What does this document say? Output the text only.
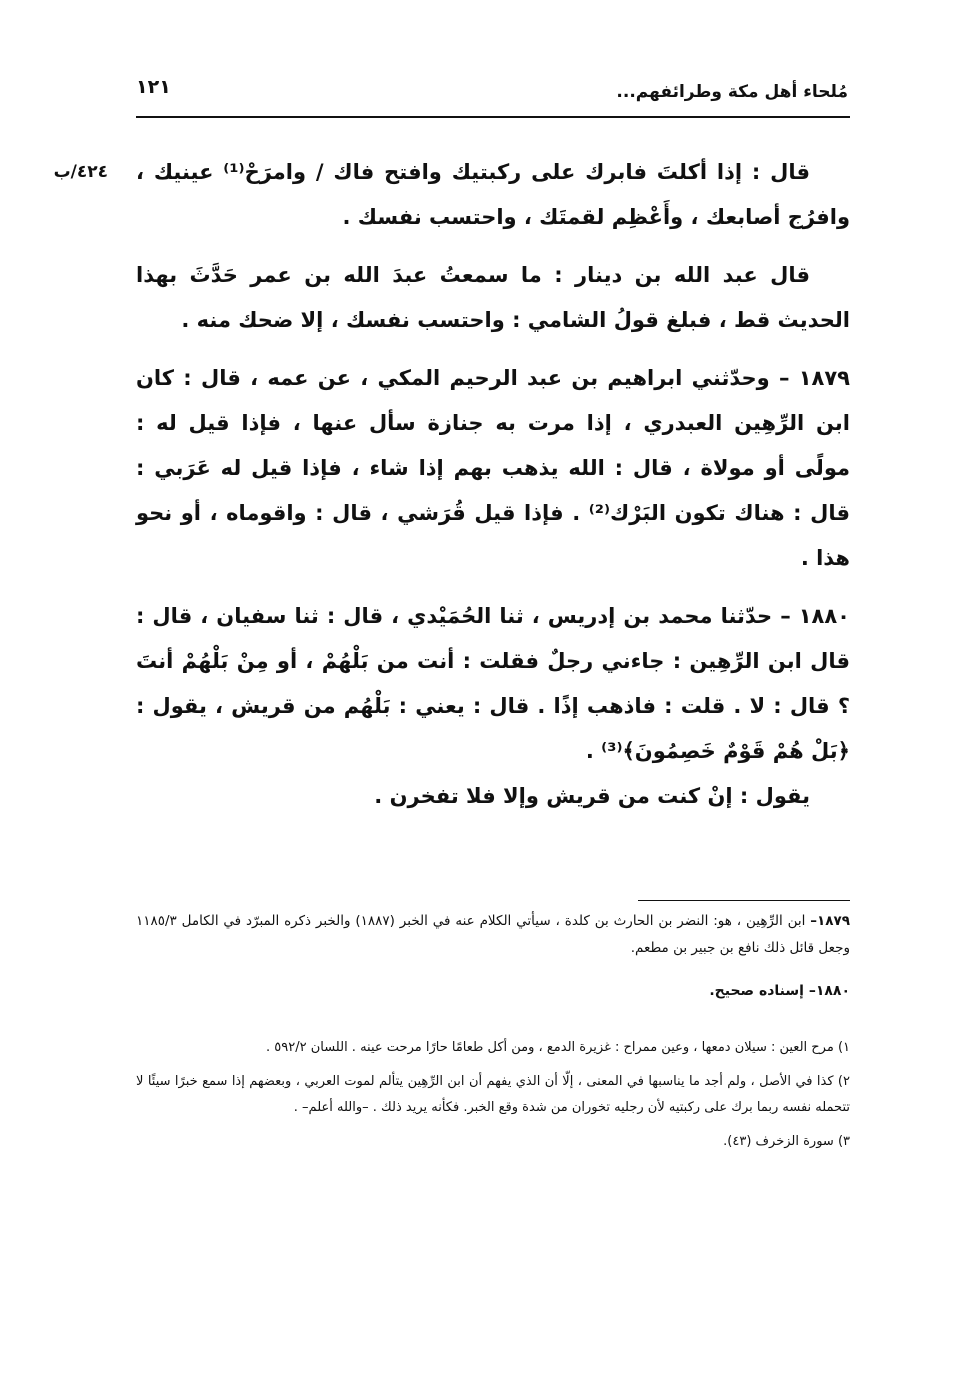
مُلحاء أهل مكة وطرائفهم...
١٢١
٤٢٤/ب قال : إذا أكلتَ فابرك على ركبتيك وافتح فاك / وامرَحْ⁽¹⁾ عينيك ، وافرُج أصابعك ، وأَعْظِم لقمتَك ، واحتسب نفسك .

قال عبد الله بن دينار : ما سمعتُ عبدَ الله بن عمر حَدَّثَ بهذا الحديث قط ، فبلغ قولُ الشامي : واحتسب نفسك ، إلا ضحك منه .

١٨٧٩ – وحدّثني ابراهيم بن عبد الرحيم المكي ، عن عمه ، قال : كان ابن الرِّهِين العبدري ، إذا مرت به جنازة سأل عنها ، فإذا قيل له : مولًى أو مولاة ، قال : الله يذهب بهم إذا شاء ، فإذا قيل له عَرَبي : قال : هناك تكون البَرْك⁽²⁾ . فإذا قيل قُرَشي ، قال : واقوماه ، أو نحو هذا .

١٨٨٠ – حدّثنا محمد بن إدريس ، ثنا الحُمَيْدي ، قال : ثنا سفيان ، قال : قال ابن الرِّهِين : جاءني رجلٌ فقلت : أنت من بَلْهُمْ ، أو مِنْ بَلْهُمْ أنتَ ؟ قال : لا . قلت : فاذهب إذًا . قال : يعني : بَلْهُم من قريش ، يقول : ﴿بَلْ هُمْ قَوْمٌ خَصِمُونَ﴾⁽³⁾ .

يقول : إنْ كنت من قريش وإلا فلا تفخرن .

١٨٧٩– ابن الرِّهِين ، هو: النضر بن الحارث بن كلدة ، سيأتي الكلام عنه في الخبر (١٨٨٧) والخبر ذكره المبرّد في الكامل ١١٨٥/٣ وجعل قائل ذلك نافع بن جبير بن مطعم.
١٨٨٠– إسناده صحيح.
١) مرح العين : سيلان دمعها ، وعين ممراح : غزيرة الدمع ، ومن أكل طعامًا حارًا مرحت عينه . اللسان ٥٩٢/٢ .
٢) كذا في الأصل ، ولم أجد ما يناسبها في المعنى ، إلّا أن الذي يفهم أن ابن الرِّهِين يتألم لموت العربي ، وبعضهم إذا سمع خبرًا سيئًا لا تتحمله نفسه ربما برك على ركبتيه لأن رجليه تخوران من شدة وقع الخبر. فكأنه يريد ذلك . –والله أعلم– .
٣) سورة الزخرف (٤٣).
